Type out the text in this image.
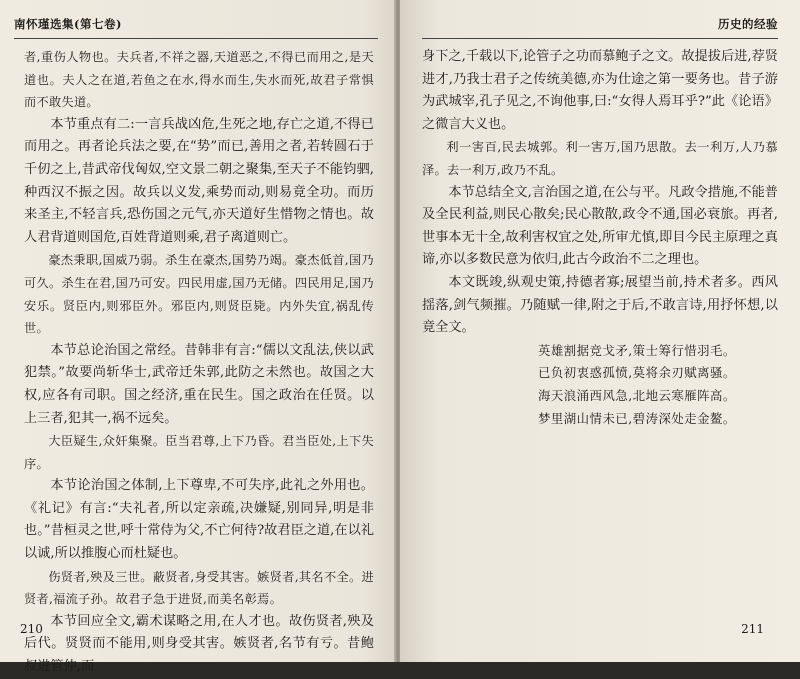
南怀瑾选集(第七卷)

者,重伤人物也。夫兵者,不祥之器,天道恶之,不得已而用之,是天道也。夫人之在道,若鱼之在水,得水而生,失水而死,故君子常惧而不敢失道。

本节重点有二:一言兵战凶危,生死之地,存亡之道,不得已而用之。再者论兵法之要,在“势”而已,善用之者,若转圆石于千仞之上,昔武帝伐匈奴,空文景二朝之聚集,至天子不能钧驷,种西汉不振之因。故兵以义发,乘势而动,则易竟全功。而历来圣主,不轻言兵,恐伤国之元气,亦天道好生惜物之情也。故人君背道则国危,百姓背道则乘,君子离道则亡。

豪杰秉职,国威乃弱。杀生在豪杰,国势乃竭。豪杰低首,国乃可久。杀生在君,国乃可安。四民用虚,国乃无储。四民用足,国乃安乐。贤臣内,则邪臣外。邪臣内,则贤臣毙。内外失宜,祸乱传世。

本节总论治国之常经。昔韩非有言:“儒以文乱法,侠以武犯禁。”故要尚斩华士,武帝迁朱郭,此防之未然也。故国之大权,应各有司职。国之经济,重在民生。国之政治在任贤。以上三者,犯其一,祸不远矣。

大臣疑生,众奸集聚。臣当君尊,上下乃昏。君当臣处,上下失序。

本节论治国之体制,上下尊卑,不可失序,此礼之外用也。《礼记》有言:“夫礼者,所以定亲疏,决嫌疑,别同异,明是非也。”昔桓灵之世,呼十常侍为父,不亡何待?故君臣之道,在以礼以诚,所以推腹心而杜疑也。

伤贤者,殃及三世。蔽贤者,身受其害。嫉贤者,其名不全。进贤者,福流子孙。故君子急于进贤,而美名彰焉。

本节回应全文,霸术谋略之用,在人才也。故伤贤者,殃及后代。贤贤而不能用,则身受其害。嫉贤者,名节有亏。昔鲍叔进管仲,而

210
历史的经验

身下之,千载以下,论管子之功而慕鲍子之文。故提拔后进,荐贤进才,乃我士君子之传统美德,亦为仕途之第一要务也。昔子游为武城宰,孔子见之,不询他事,曰:“女得人焉耳乎?”此《论语》之微言大义也。

利一害百,民去城郭。利一害万,国乃思散。去一利万,人乃慕泽。去一利万,政乃不乱。

本节总结全文,言治国之道,在公与平。凡政令措施,不能普及全民利益,则民心散矣;民心散散,政令不通,国必衰旅。再者,世事本无十全,故利害权宜之处,所审尤慎,即目今民主原理之真谛,亦以多数民意为依归,此古今政治不二之理也。

本文既竣,纵观史策,持德者寡;展望当前,持术者多。西风揺落,剑气频摧。乃随赋一律,附之于后,不敢言诗,用抒怀想,以竟全文。

英雄割据竞戈矛,策士筹行惜羽毛。

已负初衷惑孤愤,莫将余刃赋离骚。

海天浪涌西风急,北地云寒雁阵高。

梦里湖山情未已,碧涛深处走金鳌。

211
